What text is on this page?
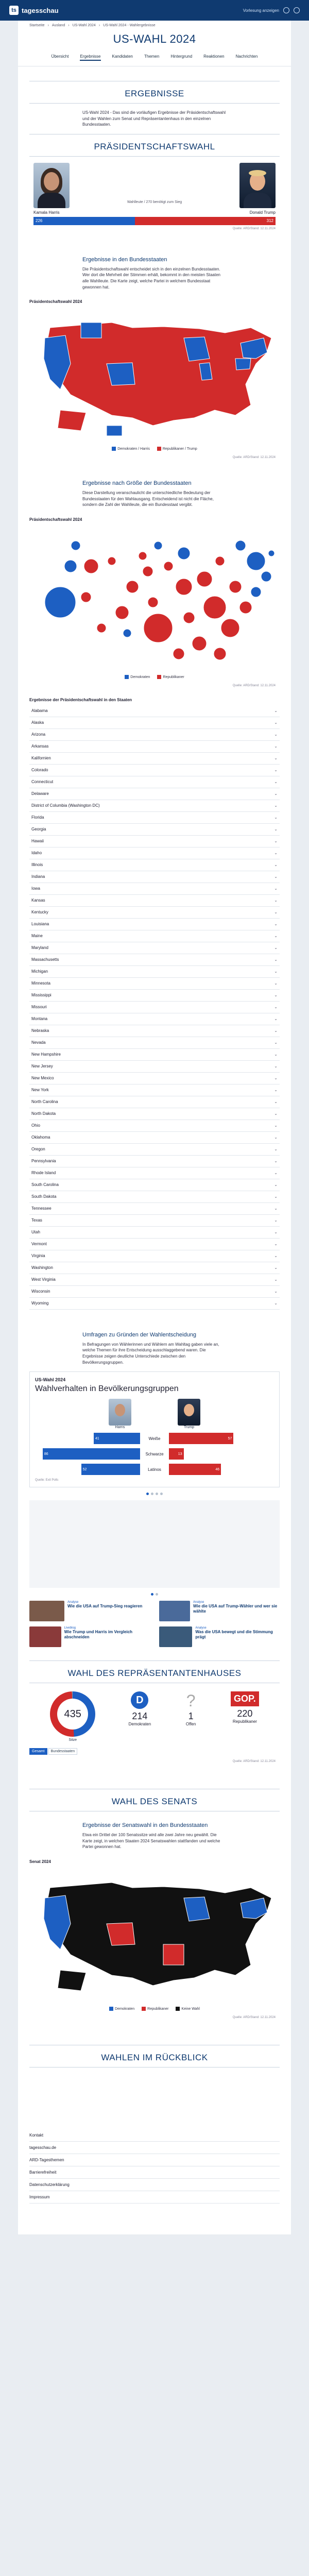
ts tagesschau	Vorlesung anzeigen
Startseite › Ausland › US-Wahl 2024 › US-Wahl 2024 - Wahlergebnisse
US-WAHL 2024
Übersicht	Ergebnisse	Kandidaten	Themen	Hintergrund	Reaktionen	Nachrichten
ERGEBNISSE

US-Wahl 2024 - Das sind die vorläufigen Ergebnisse der Präsidentschaftswahl und der Wahlen zum Senat und Repräsentantenhaus in den einzelnen Bundesstaaten.

PRÄSIDENTSCHAFTSWAHL
Wahlleute / 270 benötigt zum Sieg
Kamala Harris	Donald Trump
226	312
Quelle: ARD/Stand: 12.11.2024

Ergebnisse in den Bundesstaaten
Die Präsidentschaftswahl entscheidet sich in den einzelnen Bundesstaaten. Wer dort die Mehrheit der Stimmen erhält, bekommt in den meisten Staaten alle Wahlleute. Die Karte zeigt, welche Partei in welchem Bundesstaat gewonnen hat.

Präsidentschaftswahl 2024
Demokraten / Harris	Republikaner / Trump
Quelle: ARD/Stand: 12.11.2024

Ergebnisse nach Größe der Bundesstaaten
Diese Darstellung veranschaulicht die unterschiedliche Bedeutung der Bundesstaaten für den Wahlausgang. Entscheidend ist nicht die Fläche, sondern die Zahl der Wahlleute, die ein Bundesstaat vergibt.

Präsidentschaftswahl 2024
Demokraten	Republikaner
Quelle: ARD/Stand: 12.11.2024
Ergebnisse der Präsidentschaftswahl in den Staaten
Alabama	⌄
Alaska	⌄
Arizona	⌄
Arkansas	⌄
Kalifornien	⌄
Colorado	⌄
Connecticut	⌄
Delaware	⌄
District of Columbia (Washington DC)	⌄
Florida	⌄
Georgia	⌄
Hawaii	⌄
Idaho	⌄
Illinois	⌄
Indiana	⌄
Iowa	⌄
Kansas	⌄
Kentucky	⌄
Louisiana	⌄
Maine	⌄
Maryland	⌄
Massachusetts	⌄
Michigan	⌄
Minnesota	⌄
Mississippi	⌄
Missouri	⌄
Montana	⌄
Nebraska	⌄
Nevada	⌄
New Hampshire	⌄
New Jersey	⌄
New Mexico	⌄
New York	⌄
North Carolina	⌄
North Dakota	⌄
Ohio	⌄
Oklahoma	⌄
Oregon	⌄
Pennsylvania	⌄
Rhode Island	⌄
South Carolina	⌄
South Dakota	⌄
Tennessee	⌄
Texas	⌄
Utah	⌄
Vermont	⌄
Virginia	⌄
Washington	⌄
West Virginia	⌄
Wisconsin	⌄
Wyoming	⌄

Umfragen zu Gründen der Wahlentscheidung
In Befragungen von Wählerinnen und Wählern am Wahltag gaben viele an, welche Themen für ihre Entscheidung ausschlaggebend waren. Die Ergebnisse zeigen deutliche Unterschiede zwischen den Bevölkerungsgruppen.

US-Wahl 2024
Wahlverhalten in Bevölkerungsgruppen
Harris	Trump
41	Weiße	57
86	Schwarze	13
52	Latinos	46
Quelle: Exit Polls
Analyse
Wie die USA auf Trump-Sieg reagieren
Analyse
Wie die USA auf Trump-Wähler und wer sie wählte
Liveblog
Wie Trump und Harris im Vergleich abschneiden
Analyse
Was die USA bewegt und die Stimmung prägt
WAHL DES REPRÄSENTANTENHAUSES
435
Sitze
D
214
Demokraten
?
1
Offen
GOP.
220
Republikaner
Gesamt	Bundesstaaten
Quelle: ARD/Stand: 12.11.2024
WAHL DES SENATS

Ergebnisse der Senatswahl in den Bundesstaaten
Etwa ein Drittel der 100 Senatssitze wird alle zwei Jahre neu gewählt. Die Karte zeigt, in welchen Staaten 2024 Senatswahlen stattfanden und welche Partei gewonnen hat.

Senat 2024
Demokraten	Republikaner	Keine Wahl
Quelle: ARD/Stand: 12.11.2024
WAHLEN IM RÜCKBLICK
Kontakt
tagesschau.de
ARD-Tagesthemen
Barrierefreiheit
Datenschutzerklärung
Impressum
